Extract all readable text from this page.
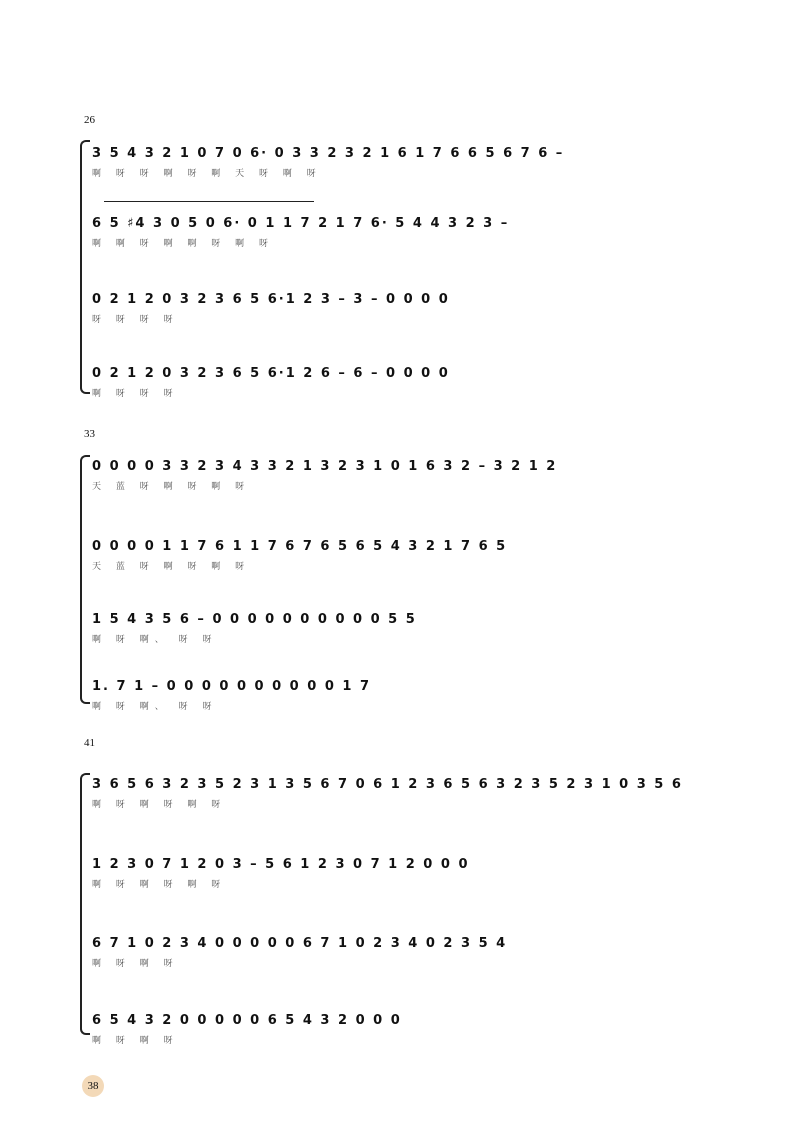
26
3 5 4 3 2 1 0 7 0 6· 0 3 3 2 3 2 1 6 1 7 6 6 5 6 7 6 –
啊 呀 呀 啊 呀 啊 天 呀 啊 呀
6 5 ♯4 3 0 5 0 6· 0 1 1 7 2 1 7 6· 5 4 4 3 2 3 –
啊 啊 呀 啊 啊 呀 啊 呀
0 2 1 2 0 3 2 3 6 5 6·1 2 3 – 3 – 0 0 0 0
呀 呀 呀 呀
0 2 1 2 0 3 2 3 6 5 6·1 2 6 – 6 – 0 0 0 0
啊 呀 呀 呀
33
0 0 0 0 3 3 2 3 4 3 3 2 1 3 2 3 1 0 1 6 3 2 – 3 2 1 2
天 蓝 呀 啊 呀 啊 呀
0 0 0 0 1 1 7 6 1 1 7 6 7 6 5 6 5 4 3 2 1 7 6 5
天 蓝 呀 啊 呀 啊 呀
1 5 4 3 5 6 – 0 0 0 0 0 0 0 0 0 0 5 5
啊 呀 啊、 呀 呀
1. 7 1 – 0 0 0 0 0 0 0 0 0 0 1 7
啊 呀 啊、 呀 呀
41
3 6 5 6 3 2 3 5 2 3 1 3 5 6 7 0 6 1 2 3 6 5 6 3 2 3 5 2 3 1 0 3 5 6
啊 呀 啊 呀 啊 呀
1 2 3 0 7 1 2 0 3 – 5 6 1 2 3 0 7 1 2 0 0 0
啊 呀 啊 呀 啊 呀
6 7 1 0 2 3 4 0 0 0 0 0 6 7 1 0 2 3 4 0 2 3 5 4
啊 呀 啊 呀
6 5 4 3 2 0 0 0 0 0 6 5 4 3 2 0 0 0
啊 呀 啊 呀
38
